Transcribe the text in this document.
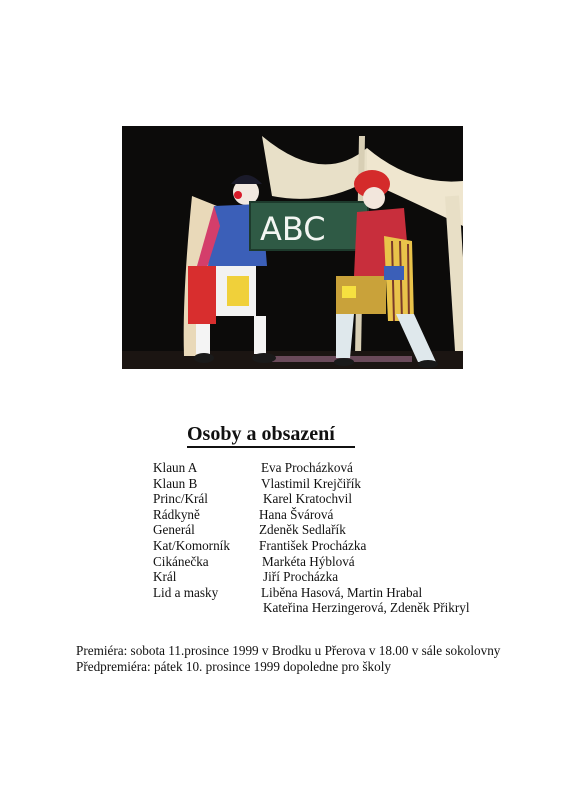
ABC
Osoby a obsazení
Klaun A	Eva Procházková
Klaun B	Vlastimil Krejčiřík
Princ/Král	Karel Kratochvil
Rádkyně	Hana Švárová
Generál	Zdeněk Sedlařík
Kat/Komorník František Procházka
Cikánečka	Markéta Hýblová
Král	Jiří Procházka
Lid a masky	Liběna Hasová, Martin Hrabal
Kateřina Herzingerová, Zdeněk Přikryl
Premiéra: sobota 11.prosince 1999 v Brodku u Přerova v 18.00 v sále sokolovny
Předpremiéra: pátek 10. prosince 1999 dopoledne pro školy
